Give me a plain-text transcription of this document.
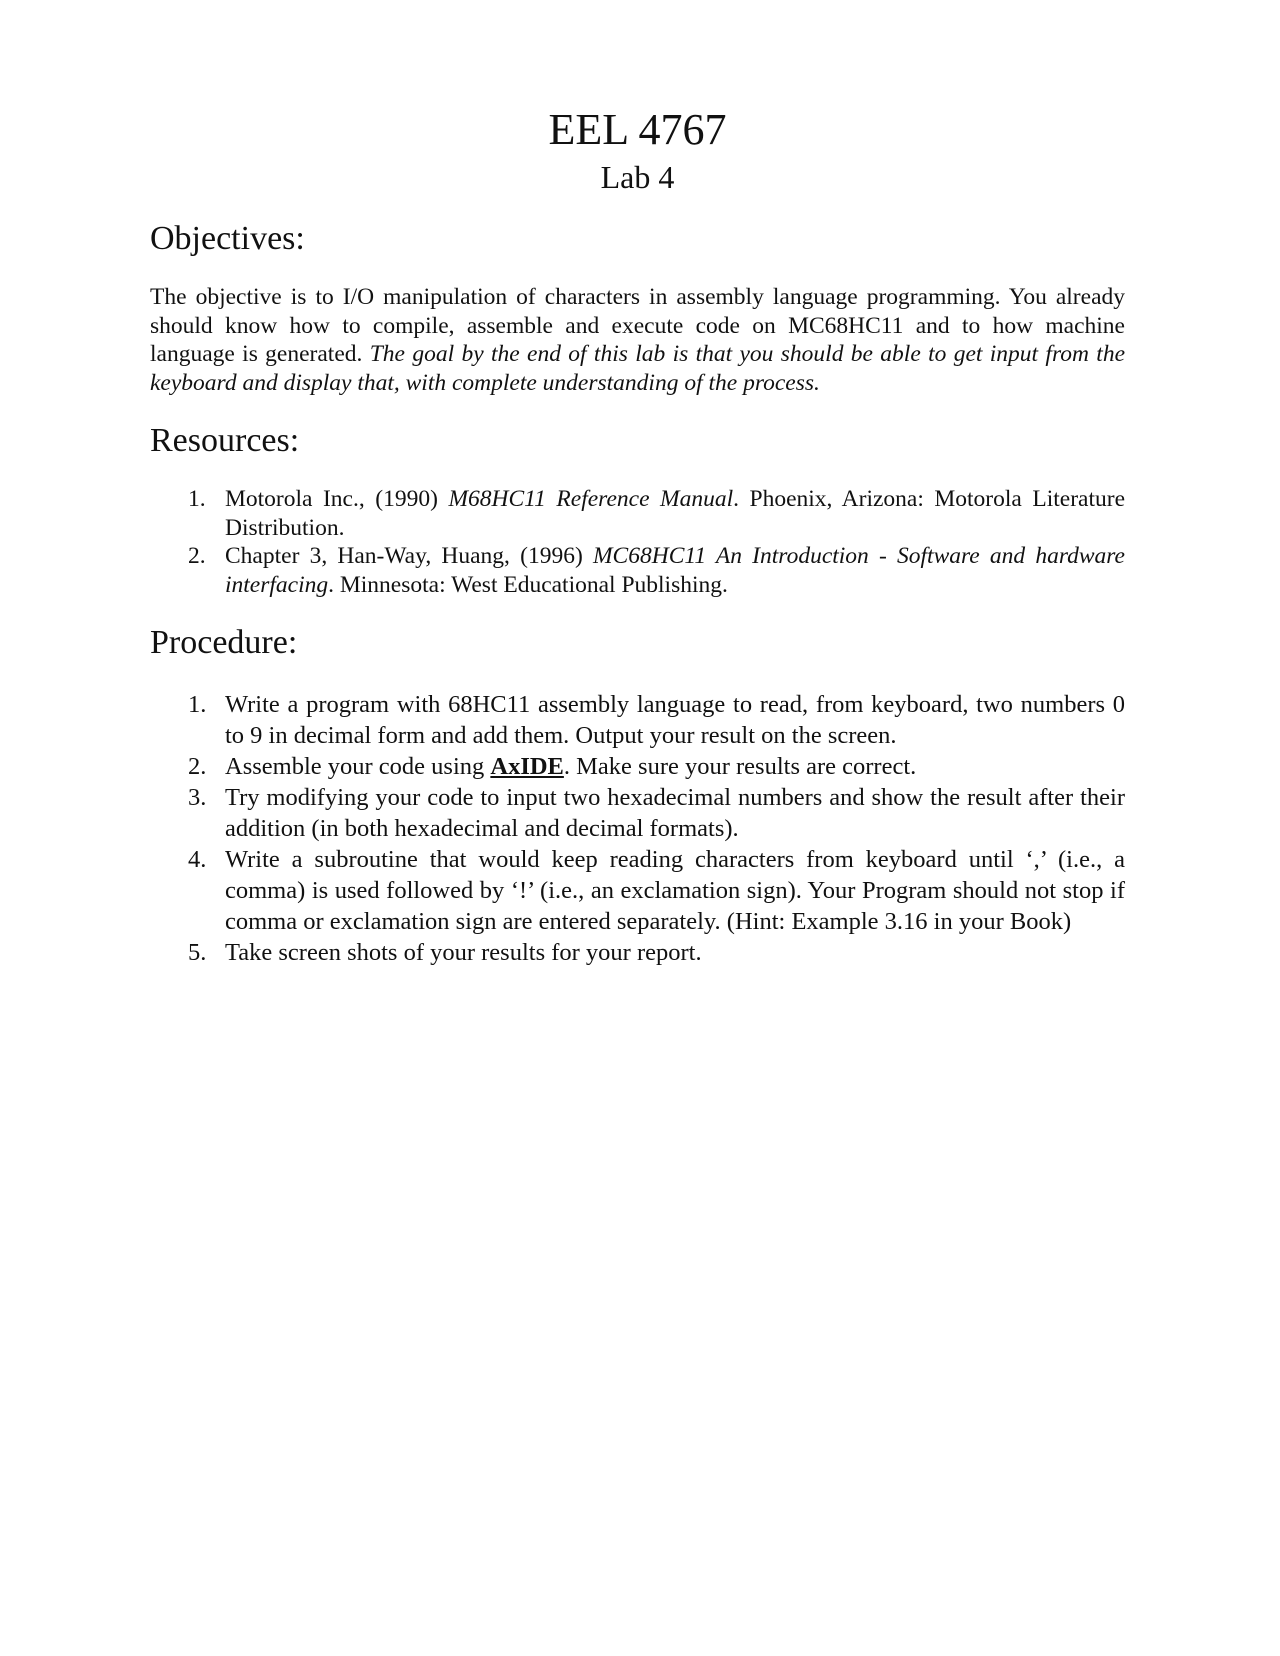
EEL 4767
Lab 4
Objectives:
The objective is to I/O manipulation of characters in assembly language programming. You already should know how to compile, assemble and execute code on MC68HC11 and to how machine language is generated. The goal by the end of this lab is that you should be able to get input from the keyboard and display that, with complete understanding of the process.
Resources:
1. Motorola Inc., (1990) M68HC11 Reference Manual. Phoenix, Arizona: Motorola Literature Distribution.
2. Chapter 3, Han-Way, Huang, (1996) MC68HC11 An Introduction - Software and hardware interfacing. Minnesota: West Educational Publishing.
Procedure:
1. Write a program with 68HC11 assembly language to read, from keyboard, two numbers 0 to 9 in decimal form and add them. Output your result on the screen.
2. Assemble your code using AxIDE. Make sure your results are correct.
3. Try modifying your code to input two hexadecimal numbers and show the result after their addition (in both hexadecimal and decimal formats).
4. Write a subroutine that would keep reading characters from keyboard until ‘,’ (i.e., a comma) is used followed by ‘!’ (i.e., an exclamation sign). Your Program should not stop if comma or exclamation sign are entered separately. (Hint: Example 3.16 in your Book)
5. Take screen shots of your results for your report.
